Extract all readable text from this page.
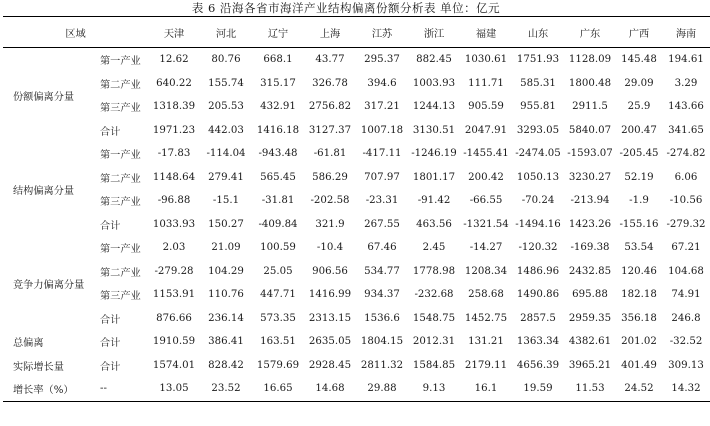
表 6 沿海各省市海洋产业结构偏离份额分析表 单位：亿元
区域		天津	河北	辽宁	上海	江苏	浙江	福建	山东	广东	广西	海南
份额偏离分量	第一产业	12.62	80.76	668.1	43.77	295.37	882.45	1030.61	1751.93	1128.09	145.48	194.61
	第二产业	640.22	155.74	315.17	326.78	394.6	1003.93	111.71	585.31	1800.48	29.09	3.29
	第三产业	1318.39	205.53	432.91	2756.82	317.21	1244.13	905.59	955.81	2911.5	25.9	143.66
	合计	1971.23	442.03	1416.18	3127.37	1007.18	3130.51	2047.91	3293.05	5840.07	200.47	341.65
结构偏离分量	第一产业	-17.83	-114.04	-943.48	-61.81	-417.11	-1246.19	-1455.41	-2474.05	-1593.07	-205.45	-274.82
	第二产业	1148.64	279.41	565.45	586.29	707.97	1801.17	200.42	1050.13	3230.27	52.19	6.06
	第三产业	-96.88	-15.1	-31.81	-202.58	-23.31	-91.42	-66.55	-70.24	-213.94	-1.9	-10.56
	合计	1033.93	150.27	-409.84	321.9	267.55	463.56	-1321.54	-1494.16	1423.26	-155.16	-279.32
竞争力偏离分量	第一产业	2.03	21.09	100.59	-10.4	67.46	2.45	-14.27	-120.32	-169.38	53.54	67.21
	第二产业	-279.28	104.29	25.05	906.56	534.77	1778.98	1208.34	1486.96	2432.85	120.46	104.68
	第三产业	1153.91	110.76	447.71	1416.99	934.37	-232.68	258.68	1490.86	695.88	182.18	74.91
	合计	876.66	236.14	573.35	2313.15	1536.6	1548.75	1452.75	2857.5	2959.35	356.18	246.8
总偏离	合计	1910.59	386.41	163.51	2635.05	1804.15	2012.31	131.21	1363.34	4382.61	201.02	-32.52
实际增长量	合计	1574.01	828.42	1579.69	2928.45	2811.32	1584.85	2179.11	4656.39	3965.21	401.49	309.13
增长率（%）	--	13.05	23.52	16.65	14.68	29.88	9.13	16.1	19.59	11.53	24.52	14.32
